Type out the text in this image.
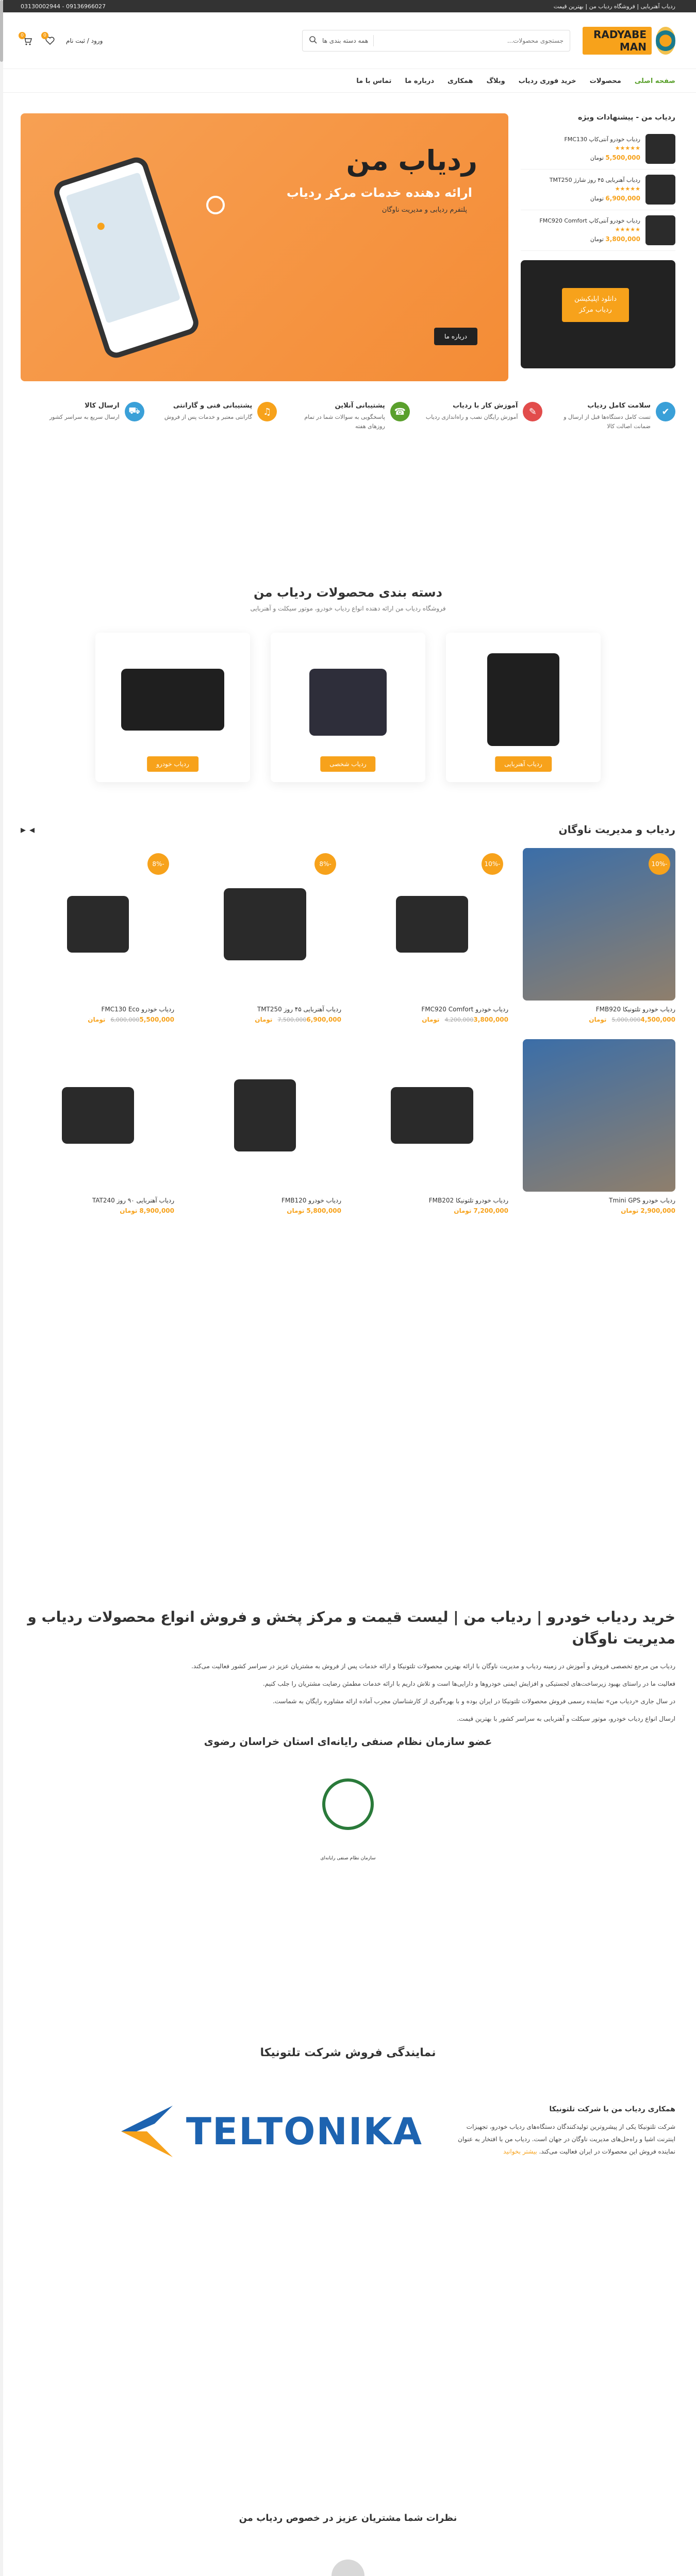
ردیاب آهنربایی | فروشگاه ردیاب من | بهترین قیمت
09136966027 - 03130002944
RADYABE MAN
جستجوی محصولات...
همه دسته بندی ها
ورود / ثبت نام
0
0
صفحه اصلی
محصولات
خرید فوری ردیاب
وبلاگ
همکاری
درباره ما
تماس با ما
ردیاب من - پیشنهادات ویژه
ردیاب خودرو آنتی‌کاپ FMC130
★★★★★
5,500,000 تومان
ردیاب آهنربایی ۴۵ روز شارژ TMT250
★★★★★
6,900,000 تومان
ردیاب خودرو آنتی‌کاپ FMC920 Comfort
★★★★★
3,800,000 تومان
دانلود اپلیکیشن ردیاب مرکز
ردیاب من
ارائه دهنده خدمات مرکز ردیاب
پلتفرم ردیابی و مدیریت ناوگان
درباره ما
✔
سلامت کامل ردیاب

تست کامل دستگاه‌ها قبل از ارسال و ضمانت اصالت کالا

✎
آموزش کار با ردیاب

آموزش رایگان نصب و راه‌اندازی ردیاب

☎
پشتیبانی آنلاین

پاسخگویی به سوالات شما در تمام روزهای هفته

♫
پشتیبانی فنی و گارانتی

گارانتی معتبر و خدمات پس از فروش

⛟
ارسال کالا

ارسال سریع به سراسر کشور

دسته بندی محصولات ردیاب من
فروشگاه ردیاب من ارائه دهنده انواع ردیاب خودرو، موتور سیکلت و آهنربایی
ردیاب آهنربایی
ردیاب شخصی
ردیاب خودرو
ردیاب و مدیریت ناوگان
◂ ▸
-10%
ردیاب خودرو تلتونیکا FMB920
5,000,0004,500,000تومان
-10%
ردیاب خودرو FMC920 Comfort
4,200,0003,800,000تومان
-8%
ردیاب آهنربایی ۴۵ روز TMT250
7,500,0006,900,000تومان
-8%
ردیاب خودرو FMC130 Eco
6,000,0005,500,000تومان
ردیاب خودرو Tmini GPS
2,900,000تومان
ردیاب خودرو تلتونیکا FMB202
7,200,000تومان
ردیاب خودرو FMB120
5,800,000تومان
ردیاب آهنربایی ۹۰ روز TAT240
8,900,000تومان
خرید ردیاب خودرو | ردیاب من | لیست قیمت و مرکز پخش و فروش انواع محصولات ردیاب و مدیریت ناوگان

ردیاب من مرجع تخصصی فروش و آموزش در زمینه ردیاب و مدیریت ناوگان با ارائه بهترین محصولات تلتونیکا و ارائه خدمات پس از فروش به مشتریان عزیز در سراسر کشور فعالیت می‌کند.

فعالیت ما در راستای بهبود زیرساخت‌های لجستیکی و افزایش ایمنی خودروها و دارایی‌ها است و تلاش داریم با ارائه خدمات مطمئن رضایت مشتریان را جلب کنیم.

در سال جاری «ردیاب من» نماینده رسمی فروش محصولات تلتونیکا در ایران بوده و با بهره‌گیری از کارشناسان مجرب آماده ارائه مشاوره رایگان به شماست.

ارسال انواع ردیاب خودرو، موتور سیکلت و آهنربایی به سراسر کشور با بهترین قیمت.

عضو سازمان نظام صنفی رایانه‌ای استان خراسان رضوی
سازمان نظام صنفی رایانه‌ای
نمایندگی فروش شرکت تلتونیکا
همکاری ردیاب من با شرکت تلتونیکا

شرکت تلتونیکا یکی از پیشروترین تولیدکنندگان دستگاه‌های ردیاب خودرو، تجهیزات اینترنت اشیا و راه‌حل‌های مدیریت ناوگان در جهان است. ردیاب من با افتخار به عنوان نماینده فروش این محصولات در ایران فعالیت می‌کند. بیشتر بخوانید

TELTONIKA
نظرات شما مشتریان عزیز در خصوص ردیاب من
